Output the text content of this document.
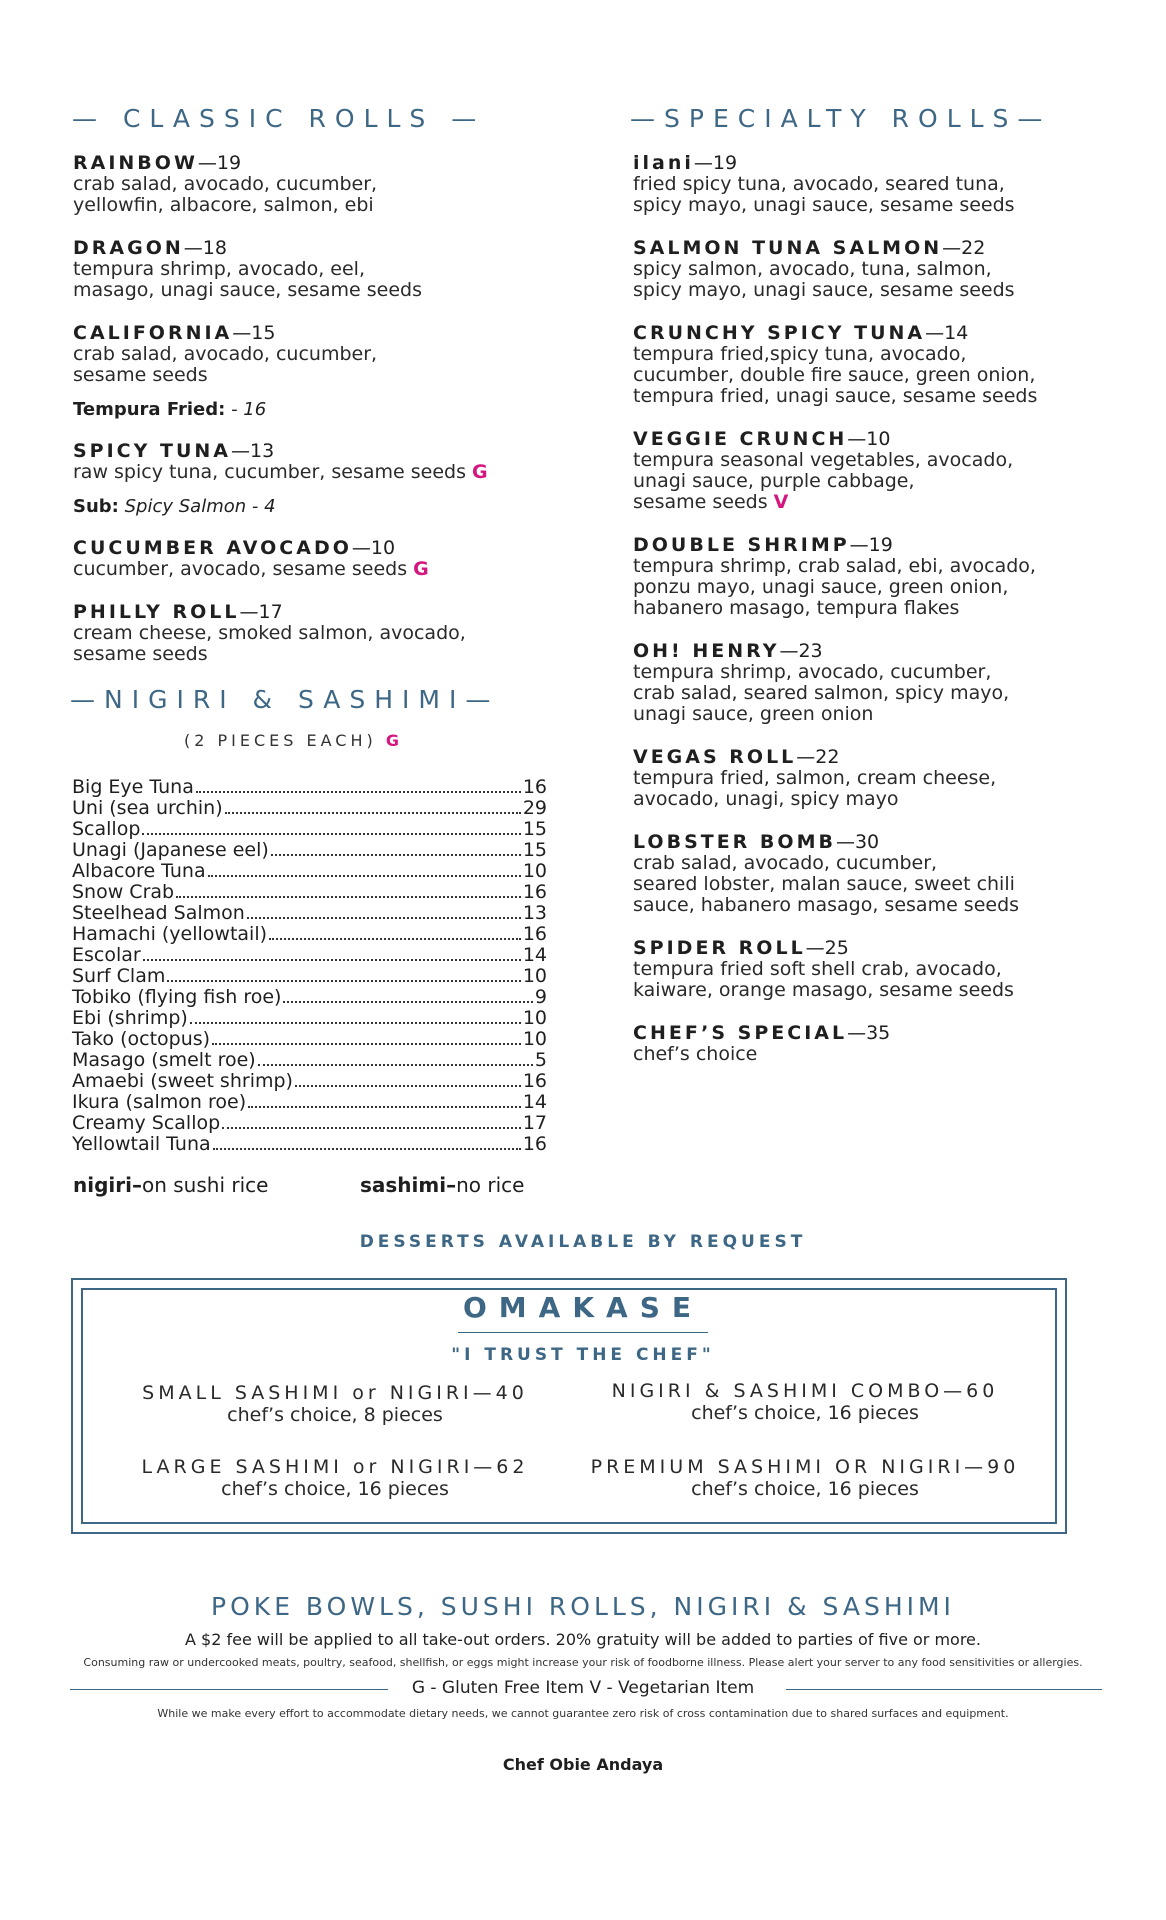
— CLASSIC ROLLS —
RAINBOW—19
crab salad, avocado, cucumber,
yellowfin, albacore, salmon, ebi
DRAGON—18
tempura shrimp, avocado, eel,
masago, unagi sauce, sesame seeds
CALIFORNIA—15
crab salad, avocado, cucumber,
sesame seeds
Tempura Fried: - 16
SPICY TUNA—13
raw spicy tuna, cucumber, sesame seeds G
Sub: Spicy Salmon - 4
CUCUMBER AVOCADO—10
cucumber, avocado, sesame seeds G
PHILLY ROLL—17
cream cheese, smoked salmon, avocado,
sesame seeds
—SPECIALTY ROLLS—
ilani—19
fried spicy tuna, avocado, seared tuna,
spicy mayo, unagi sauce, sesame seeds
SALMON TUNA SALMON—22
spicy salmon, avocado, tuna, salmon,
spicy mayo, unagi sauce, sesame seeds
CRUNCHY SPICY TUNA—14
tempura fried,spicy tuna, avocado,
cucumber, double fire sauce, green onion,
tempura fried, unagi sauce, sesame seeds
VEGGIE CRUNCH—10
tempura seasonal vegetables, avocado,
unagi sauce, purple cabbage,
sesame seeds V
DOUBLE SHRIMP—19
tempura shrimp, crab salad, ebi, avocado,
ponzu mayo, unagi sauce, green onion,
habanero masago, tempura flakes
OH! HENRY—23
tempura shrimp, avocado, cucumber,
crab salad, seared salmon, spicy mayo,
unagi sauce, green onion
VEGAS ROLL—22
tempura fried, salmon, cream cheese,
avocado, unagi, spicy mayo
LOBSTER BOMB—30
crab salad, avocado, cucumber,
seared lobster, malan sauce, sweet chili
sauce, habanero masago, sesame seeds
SPIDER ROLL—25
tempura fried soft shell crab, avocado,
kaiware, orange masago, sesame seeds
CHEF’S SPECIAL—35
chef’s choice
—NIGIRI & SASHIMI—
(2 PIECES EACH) G
Big Eye Tuna	16
Uni (sea urchin)	29
Scallop	15
Unagi (Japanese eel)	15
Albacore Tuna	10
Snow Crab	16
Steelhead Salmon	13
Hamachi (yellowtail)	16
Escolar	14
Surf Clam	10
Tobiko (flying fish roe)	9
Ebi (shrimp)	10
Tako (octopus)	10
Masago (smelt roe)	5
Amaebi (sweet shrimp)	16
Ikura (salmon roe)	14
Creamy Scallop	17
Yellowtail Tuna	16
nigiri–on sushi rice	sashimi–no rice
DESSERTS AVAILABLE BY REQUEST
OMAKASE
"I TRUST THE CHEF"
SMALL SASHIMI or NIGIRI—40
chef’s choice, 8 pieces
NIGIRI & SASHIMI COMBO—60
chef’s choice, 16 pieces
LARGE SASHIMI or NIGIRI—62
chef’s choice, 16 pieces
PREMIUM SASHIMI OR NIGIRI—90
chef’s choice, 16 pieces
POKE BOWLS, SUSHI ROLLS, NIGIRI & SASHIMI
A $2 fee will be applied to all take-out orders. 20% gratuity will be added to parties of five or more.
Consuming raw or undercooked meats, poultry, seafood, shellfish, or eggs might increase your risk of foodborne illness. Please alert your server to any food sensitivities or allergies.
G - Gluten Free Item V - Vegetarian Item
While we make every effort to accommodate dietary needs, we cannot guarantee zero risk of cross contamination due to shared surfaces and equipment.
Chef Obie Andaya
